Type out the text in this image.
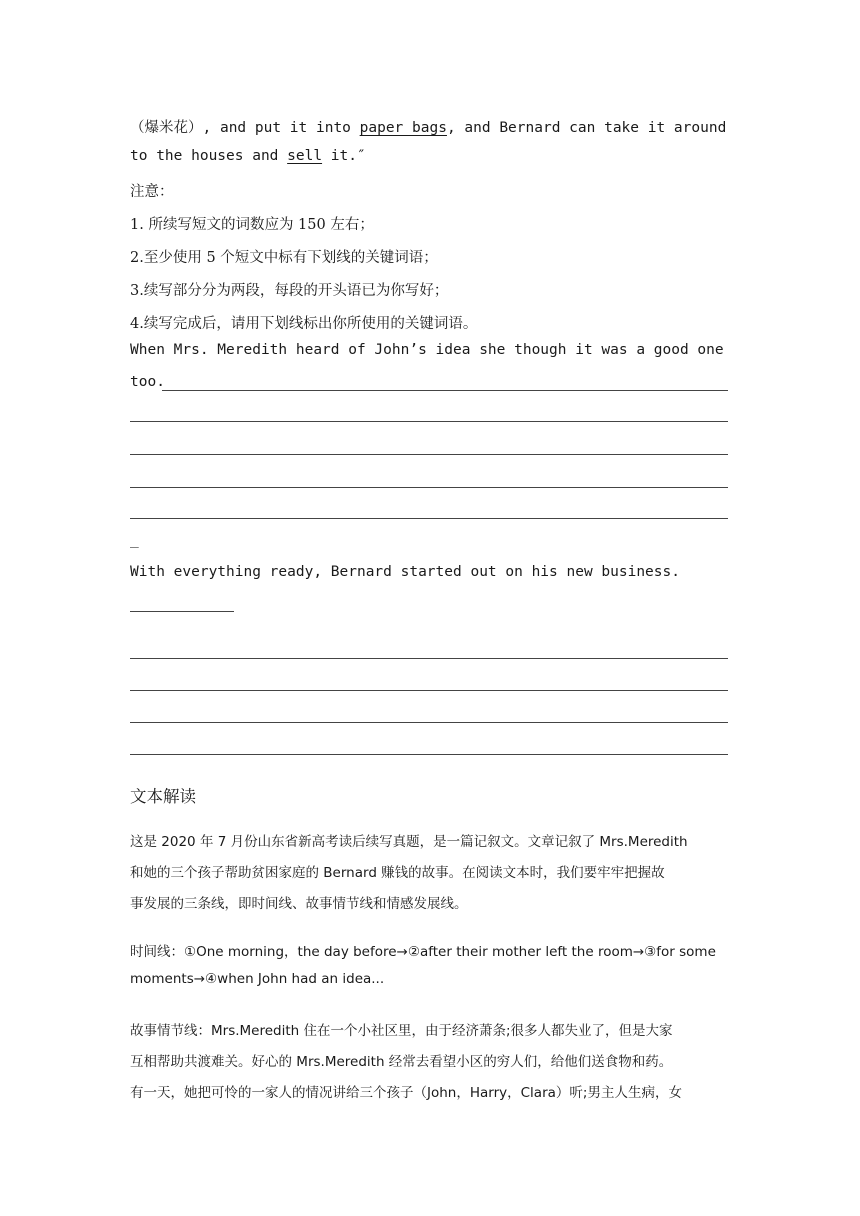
（爆米花）, and put it into paper bags, and Bernard can take it around
to the houses and sell it.″
注意：
1. 所续写短文的词数应为 150 左右；
2.至少使用 5 个短文中标有下划线的关键词语；
3.续写部分分为两段，每段的开头语已为你写好；
4.续写完成后，请用下划线标出你所使用的关键词语。
When Mrs. Meredith heard of John’s idea she though it was a good one
too.
_
With everything ready, Bernard started out on his new business.
文本解读
这是 2020 年 7 月份山东省新高考读后续写真题，是一篇记叙文。文章记叙了 Mrs.Meredith
和她的三个孩子帮助贫困家庭的 Bernard 赚钱的故事。在阅读文本时，我们要牢牢把握故
事发展的三条线，即时间线、故事情节线和情感发展线。
时间线：①One morning，the day before→②after their mother left the room→③for some
moments→④when John had an idea...
故事情节线：Mrs.Meredith 住在一个小社区里，由于经济萧条;很多人都失业了，但是大家
互相帮助共渡难关。好心的 Mrs.Meredith 经常去看望小区的穷人们，给他们送食物和药。
有一天，她把可怜的一家人的情况讲给三个孩子（John，Harry，Clara）听;男主人生病，女
